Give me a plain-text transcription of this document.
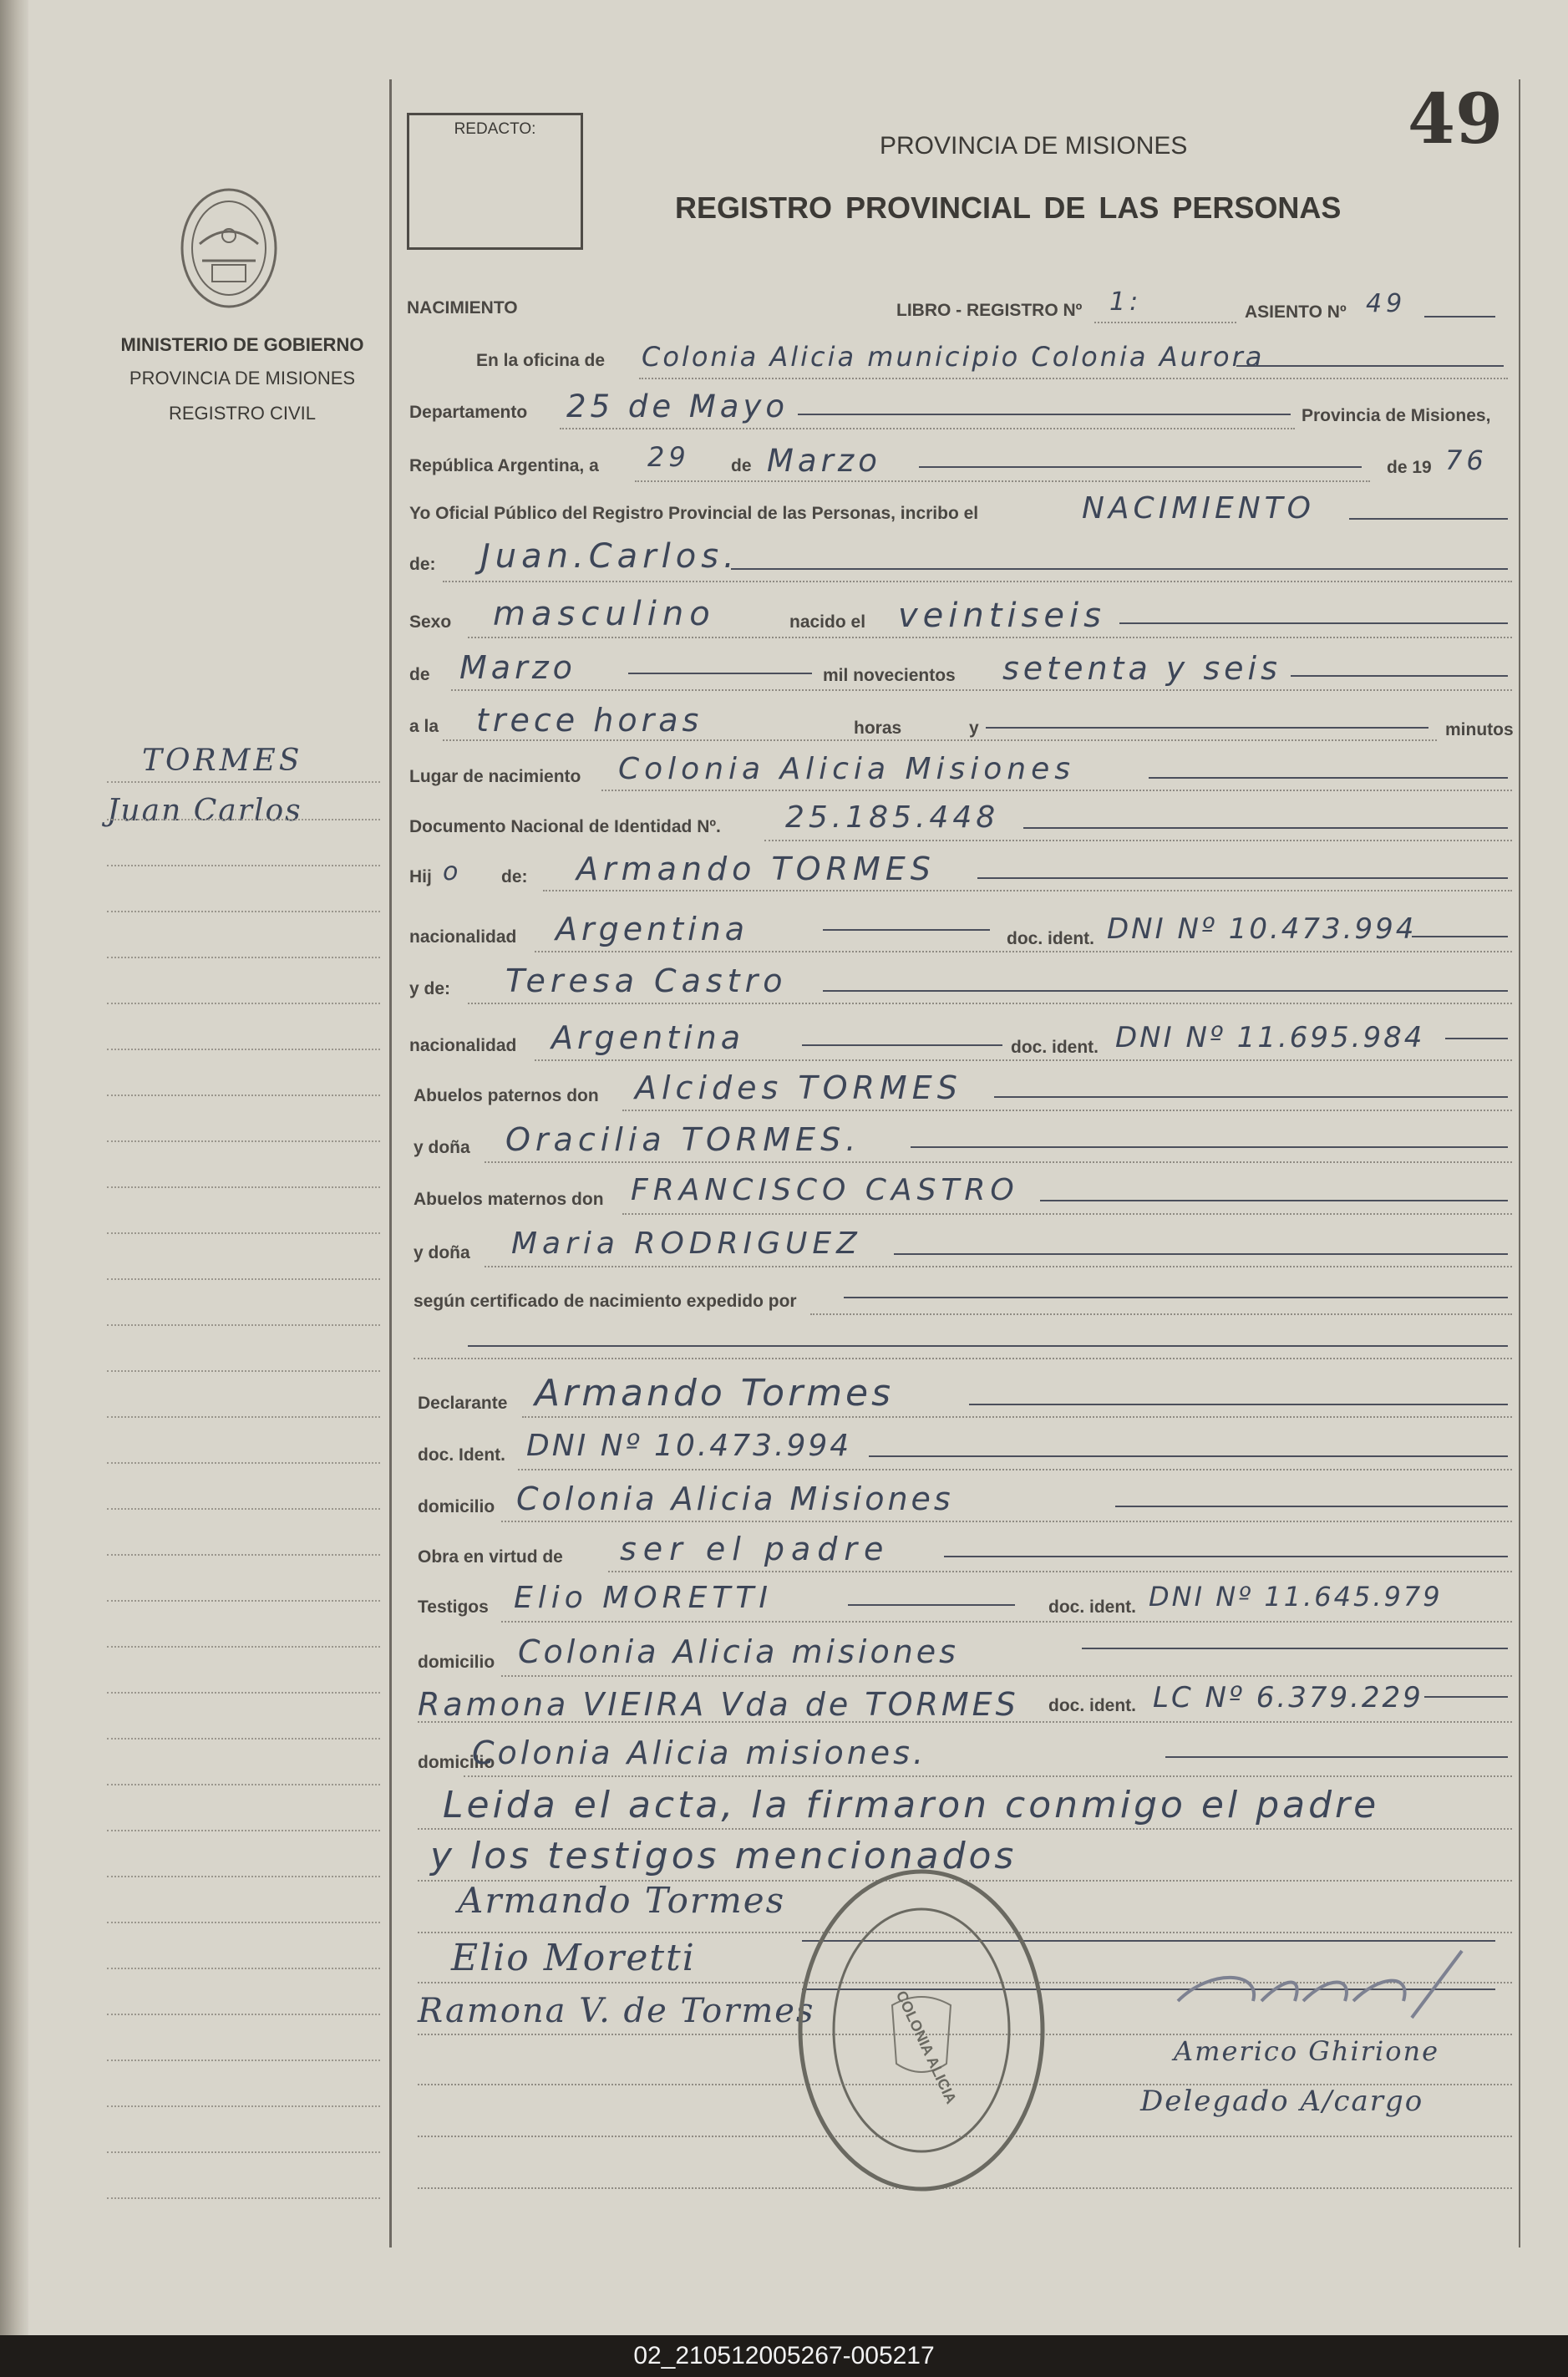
MINISTERIO DE GOBIERNO
PROVINCIA DE MISIONES
REGISTRO CIVIL
TORMES
Juan Carlos
REDACTO:
PROVINCIA DE MISIONES
REGISTRO PROVINCIAL DE LAS PERSONAS
49
NACIMIENTO	LIBRO - REGISTRO Nº 1:	ASIENTO Nº 49
En la oficina de Colonia Alicia municipio Colonia Aurora
Departamento 25 de Mayo	Provincia de Misiones,
República Argentina, a 29 de Marzo	de 19 76
Yo Oficial Público del Registro Provincial de las Personas, incribo el	NACIMIENTO
de: Juan.Carlos.
Sexo masculino	nacido el veintiseis
de Marzo	mil novecientos setenta y seis
a la trece horas	horas	y	minutos
Lugar de nacimiento Colonia Alicia Misiones
Documento Nacional de Identidad Nº. 25.185.448
Hij o de: Armando TORMES
nacionalidad Argentina	doc. ident. DNI Nº 10.473.994
y de: Teresa Castro
nacionalidad Argentina	doc. ident. DNI Nº 11.695.984
Abuelos paternos don Alcides TORMES
y doña Oracilia TORMES.
Abuelos maternos don FRANCISCO CASTRO
y doña Maria RODRIGUEZ
según certificado de nacimiento expedido por
Declarante Armando Tormes
doc. Ident. DNI Nº 10.473.994
domicilio Colonia Alicia Misiones
Obra en virtud de ser el padre
Testigos Elio MORETTI	doc. ident. DNI Nº 11.645.979
domicilio Colonia Alicia misiones
Ramona VIEIRA Vda de TORMES doc. ident. LC Nº 6.379.229
domicilio
Colonia Alicia misiones.
Leida el acta, la firmaron conmigo el padre
y los testigos mencionados
Armando Tormes
Elio Moretti
Ramona V. de Tormes	COLONIA ALICIA	Americo Ghirione
Delegado A/cargo
02_210512005267-005217
